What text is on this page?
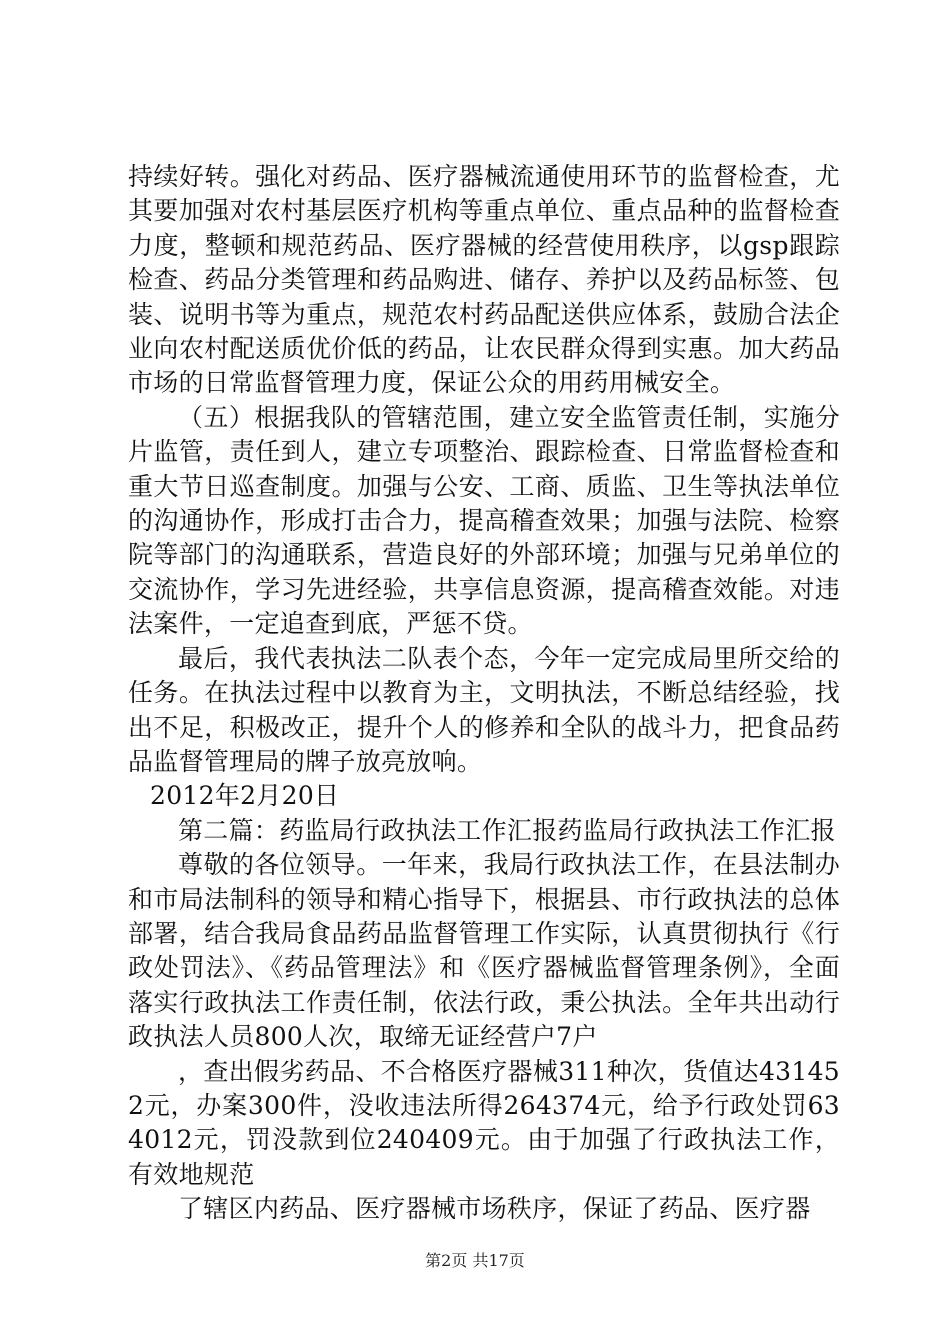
持续好转。强化对药品、医疗器械流通使用环节的监督检查，尤其要加强对农村基层医疗机构等重点单位、重点品种的监督检查力度，整顿和规范药品、医疗器械的经营使用秩序，以gsp跟踪检查、药品分类管理和药品购进、储存、养护以及药品标签、包装、说明书等为重点，规范农村药品配送供应体系，鼓励合法企业向农村配送质优价低的药品，让农民群众得到实惠。加大药品市场的日常监督管理力度，保证公众的用药用械安全。

（五）根据我队的管辖范围，建立安全监管责任制，实施分片监管，责任到人，建立专项整治、跟踪检查、日常监督检查和重大节日巡查制度。加强与公安、工商、质监、卫生等执法单位的沟通协作，形成打击合力，提高稽查效果；加强与法院、检察院等部门的沟通联系，营造良好的外部环境；加强与兄弟单位的交流协作，学习先进经验，共享信息资源，提高稽查效能。对违法案件，一定追查到底，严惩不贷。

最后，我代表执法二队表个态，今年一定完成局里所交给的任务。在执法过程中以教育为主，文明执法，不断总结经验，找出不足，积极改正，提升个人的修养和全队的战斗力，把食品药品监督管理局的牌子放亮放响。

2012年2月20日

第二篇：药监局行政执法工作汇报药监局行政执法工作汇报

尊敬的各位领导。一年来，我局行政执法工作，在县法制办和市局法制科的领导和精心指导下，根据县、市行政执法的总体部署，结合我局食品药品监督管理工作实际，认真贯彻执行《行政处罚法》、《药品管理法》和《医疗器械监督管理条例》，全面落实行政执法工作责任制，依法行政，秉公执法。全年共出动行政执法人员800人次，取缔无证经营户7户

，查出假劣药品、不合格医疗器械311种次，货值达431452元，办案300件，没收违法所得264374元，给予行政处罚634012元，罚没款到位240409元。由于加强了行政执法工作，有效地规范

了辖区内药品、医疗器械市场秩序，保证了药品、医疗器

第2页 共17页
